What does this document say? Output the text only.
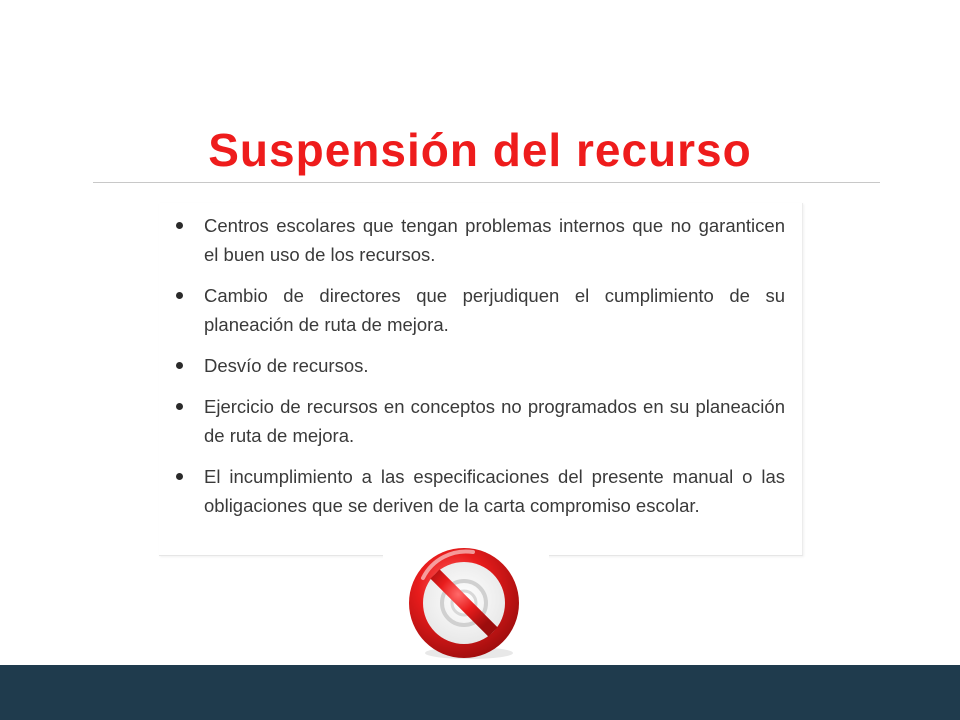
Suspensión del recurso
Centros escolares que tengan problemas internos que no garanticen el buen uso de los recursos.
Cambio de directores que perjudiquen el cumplimiento de su planeación de ruta de mejora.
Desvío de recursos.
Ejercicio de recursos en conceptos no programados en su planeación de ruta de mejora.
El incumplimiento a las especificaciones del presente manual o las obligaciones que se deriven de la carta compromiso escolar.
